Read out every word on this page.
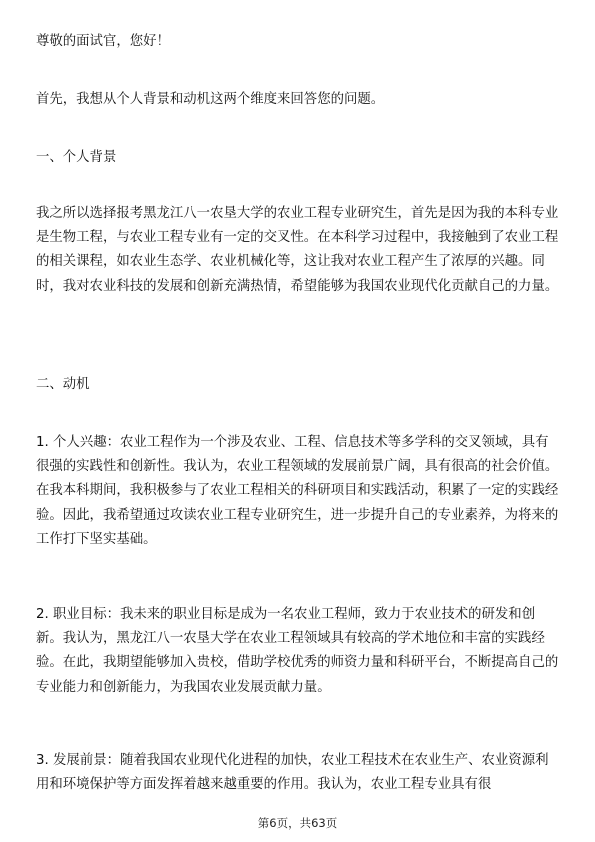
尊敬的面试官，您好！

首先，我想从个人背景和动机这两个维度来回答您的问题。

一、个人背景

我之所以选择报考黑龙江八一农垦大学的农业工程专业研究生，首先是因为我的本科专业是生物工程，与农业工程专业有一定的交叉性。在本科学习过程中，我接触到了农业工程的相关课程，如农业生态学、农业机械化等，这让我对农业工程产生了浓厚的兴趣。同时，我对农业科技的发展和创新充满热情，希望能够为我国农业现代化贡献自己的力量。

二、动机

1. 个人兴趣：农业工程作为一个涉及农业、工程、信息技术等多学科的交叉领域，具有很强的实践性和创新性。我认为，农业工程领域的发展前景广阔，具有很高的社会价值。在我本科期间，我积极参与了农业工程相关的科研项目和实践活动，积累了一定的实践经验。因此，我希望通过攻读农业工程专业研究生，进一步提升自己的专业素养，为将来的工作打下坚实基础。

2. 职业目标：我未来的职业目标是成为一名农业工程师，致力于农业技术的研发和创新。我认为，黑龙江八一农垦大学在农业工程领域具有较高的学术地位和丰富的实践经验。在此，我期望能够加入贵校，借助学校优秀的师资力量和科研平台，不断提高自己的专业能力和创新能力，为我国农业发展贡献力量。

3. 发展前景：随着我国农业现代化进程的加快，农业工程技术在农业生产、农业资源利用和环境保护等方面发挥着越来越重要的作用。我认为，农业工程专业具有很

第6页，共63页
